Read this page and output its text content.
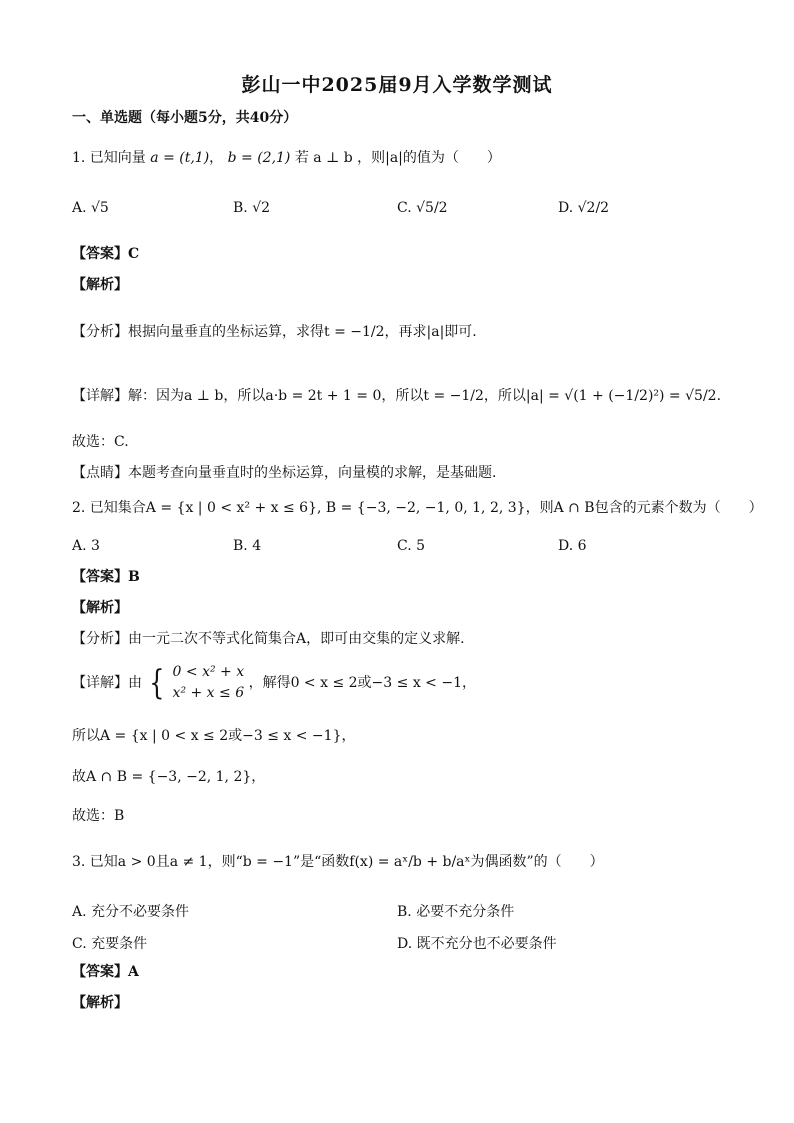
彭山一中2025届9月入学数学测试
一、单选题（每小题5分，共40分）
1. 已知向量 a = (t,1)， b = (2,1) 若 a ⊥ b ，则|a|的值为（　　）
A. √5	B. √2	C. √5/2	D. √2/2
【答案】C
【解析】
【分析】根据向量垂直的坐标运算，求得t = −1/2，再求|a|即可.
【详解】解：因为a ⊥ b，所以a·b = 2t + 1 = 0，所以t = −1/2，所以|a| = √(1 + (−1/2)²) = √5/2.
故选：C.
【点睛】本题考查向量垂直时的坐标运算，向量模的求解，是基础题.
2. 已知集合A = {x | 0 < x² + x ≤ 6}, B = {−3, −2, −1, 0, 1, 2, 3}，则A ∩ B包含的元素个数为（　　）
A. 3	B. 4	C. 5	D. 6
【答案】B
【解析】
【分析】由一元二次不等式化简集合A，即可由交集的定义求解.
【详解】由 { 0 < x² + x
x² + x ≤ 6
，解得0 < x ≤ 2或−3 ≤ x < −1，
所以A = {x | 0 < x ≤ 2或−3 ≤ x < −1}，
故A ∩ B = {−3, −2, 1, 2}，
故选：B
3. 已知a > 0且a ≠ 1，则“b = −1”是“函数f(x) = aˣ/b + b/aˣ为偶函数”的（　　）
A. 充分不必要条件	B. 必要不充分条件
C. 充要条件	D. 既不充分也不必要条件
【答案】A
【解析】
